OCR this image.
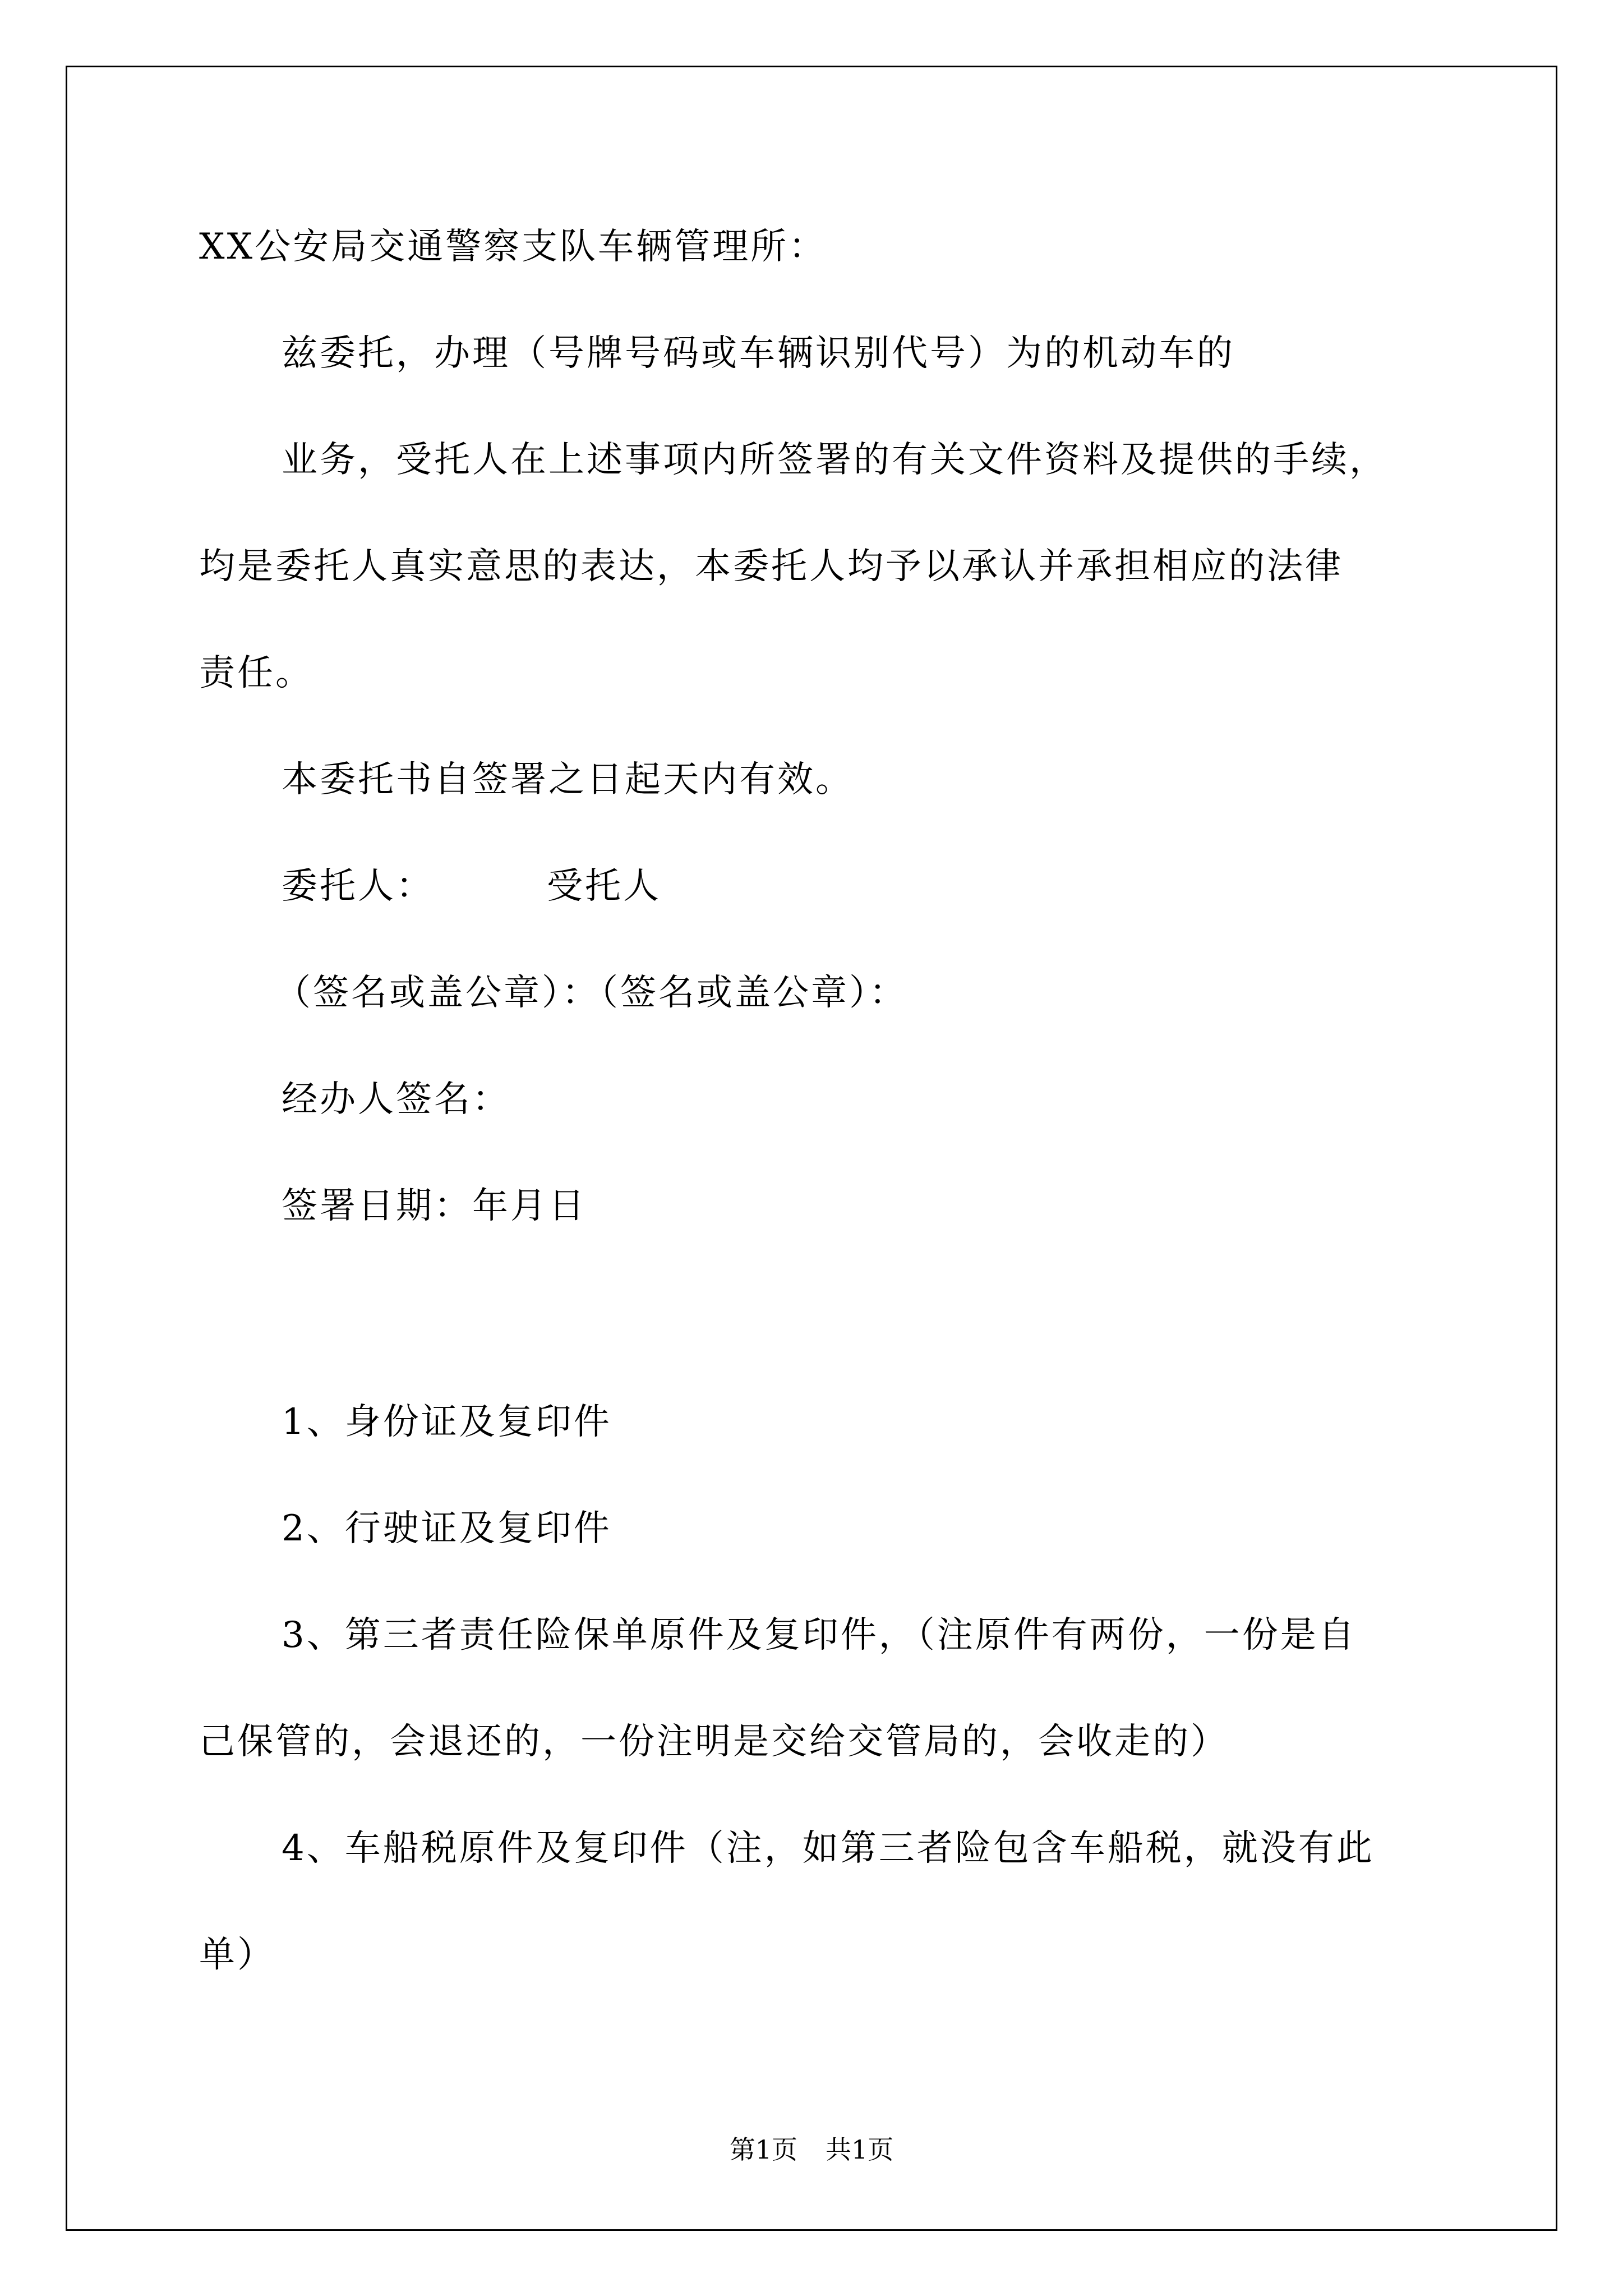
XX公安局交通警察支队车辆管理所：

兹委托，办理（号牌号码或车辆识别代号）为的机动车的

业务，受托人在上述事项内所签署的有关文件资料及提供的手续，

均是委托人真实意思的表达，本委托人均予以承认并承担相应的法律

责任。

本委托书自签署之日起天内有效。

委托人：	受托人

（签名或盖公章）：（签名或盖公章）：

经办人签名：

签署日期：年月日

1、身份证及复印件

2、行驶证及复印件

3、第三者责任险保单原件及复印件，（注原件有两份，一份是自

己保管的，会退还的，一份注明是交给交管局的，会收走的）

4、车船税原件及复印件（注，如第三者险包含车船税，就没有此

单）

第1页 共1页
